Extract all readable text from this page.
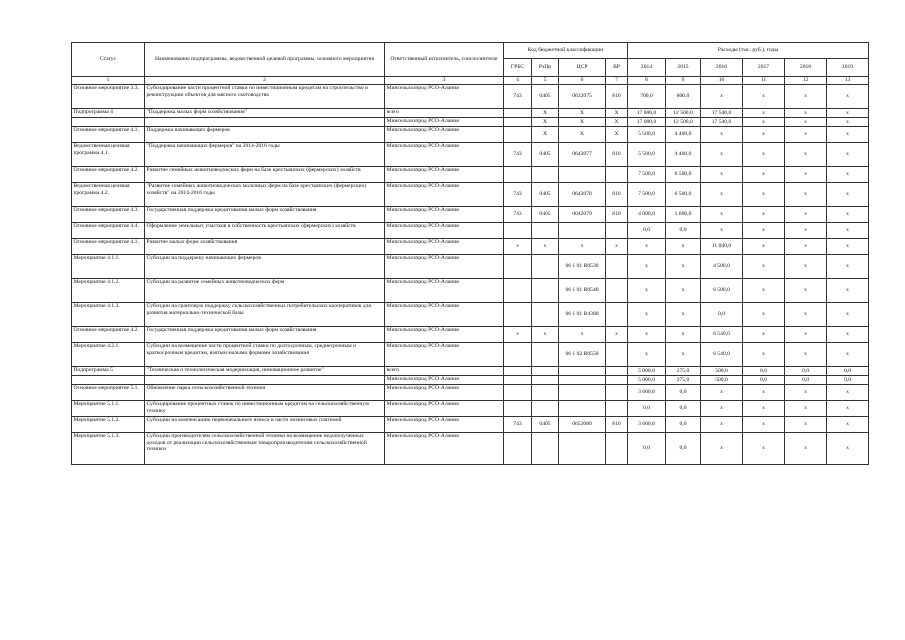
Статус	Наименование подпрограммы, ведомственной целевой программы, основного мероприятия	Ответственный исполнитель, соисполнители	Код бюджетной классификации				Расходы (тыс. руб.), годы					
			ГРБС	РзПр	ЦСР	ВР	2014	2015	2016	2017	2018	2019
1	2	3	4	5	6	7	8	9	10	11	12	13
Основное мероприятие 3.3.	Субсидирование части процентной ставки по инвестиционным кредитам на строительство и реконструкцию объектов для мясного скотоводства	Минсельхозпрод РСО-Алания	743	0405	0632075	810	700,0	800,0	x	x	x	x
Подпрограмма 4	"Поддержка малых форм хозяйствования"	всего		X	X	X	17 000,0	12 500,0	17 540,0	x	x	x
		Минсельхозпрод РСО-Алания		X	X	X	17 000,0	12 500,0	17 540,0	x	x	x
Основное мероприятие 4.1.	Поддержка начинающих фермеров	Минсельхозпрод РСО-Алания		X	X	X	5 500,0	4 400,0	x	x	x	x
Ведомственная целевая программа 4.1.	"Поддержка начинающих фермеров" на 2014-2016 годы	Минсельхозпрод РСО-Алания	743	0405	0642077	810	5 500,0	4 400,0	x	x	x	x
Основное мероприятие 4.2.	Развитие семейных животноводческих ферм на базе крестьянских (фермерских) хозяйств	Минсельхозпрод РСО-Алания					7 500,0	6 500,0	x	x	x	x
Ведомственная целевая программа 4.2.	"Развитие семейных животноводческих молочных ферм на базе крестьянских (фермерских) хозяйств" на 2014-2016 годы	Минсельхозпрод РСО-Алания	743	0405	0642078	810	7 500,0	6 500,0	x	x	x	x
Основное мероприятие 4.3.	Государственная поддержка кредитования малых форм хозяйствования	Минсельхозпрод РСО-Алания	743	0405	0642079	810	4 000,0	1 600,0	x	x	x	x
Основное мероприятие 4.4.	Оформление земельных участков в собственность крестьянских (фермерских) хозяйств	Минсельхозпрод РСО-Алания					0,0	0,0	x	x	x	x
Основное мероприятие 4.1.	Развитие малых форм хозяйствования	Минсельхозпрод РСО-Алания	x	x	x	x	x	x	11 040,0	x	x	x
Мероприятие 4.1.1.	Субсидии на поддержку начинающих фермеров	Минсельхозпрод РСО-Алания			06 1 01 R0530		x	x	4 500,0	x	x	x
Мероприятие 4.1.2.	Субсидии на развитие семейных животноводческих ферм	Минсельхозпрод РСО-Алания			06 1 01 R0540		x	x	6 500,0	x	x	x
Мероприятие 4.1.3.	Субсидии на грантовую поддержку сельскохозяйственных потребительских кооперативов для развития материально-технической базы	Минсельхозпрод РСО-Алания			06 1 01 R4380		x	x	0,0	x	x	x
Основное мероприятие 4.2.	Государственная поддержка кредитования малых форм хозяйствования	Минсельхозпрод РСО-Алания	x	x	x	x	x	x	6 540,0	x	x	x
Мероприятие 4.2.1.	Субсидии на возмещение части процентной ставки по долгосрочным, среднесрочным и краткосрочным кредитам, взятым малыми формами хозяйствования	Минсельхозпрод РСО-Алания			06 1 02 R0550		x	x	6 540,0	x	x	x
Подпрограмма 5	"Техническая и технологическая модернизация, инновационное развитие"	всего					5 000,0	275,0	500,0	0,0	0,0	0,0
		Минсельхозпрод РСО-Алания					5 000,0	275,0	500,0	0,0	0,0	0,0
Основное мероприятие 5.1.	Обновление парка сельскохозяйственной техники	Минсельхозпрод РСО-Алания					3 600,0	0,0	x	x	x	x
Мероприятие 5.1.1.	Субсидирование процентных ставок по инвестиционным кредитам на сельскохозяйственную технику	Минсельхозпрод РСО-Алания					0,0	0,0	x	x	x	x
Мероприятие 5.1.2.	Субсидии на компенсацию первоначального взноса в части лизинговых платежей	Минсельхозпрод РСО-Алания	743	0405	0652080	810	3 600,0	0,0	x	x	x	x
Мероприятие 5.1.3.	Субсидии производителям сельскохозяйственной техники на возмещение недополученных доходов от реализации сельскохозяйственным товаропроизводителям сельскохозяйственной техники	Минсельхозпрод РСО-Алания					0,0	0,0	x	x	x	x
